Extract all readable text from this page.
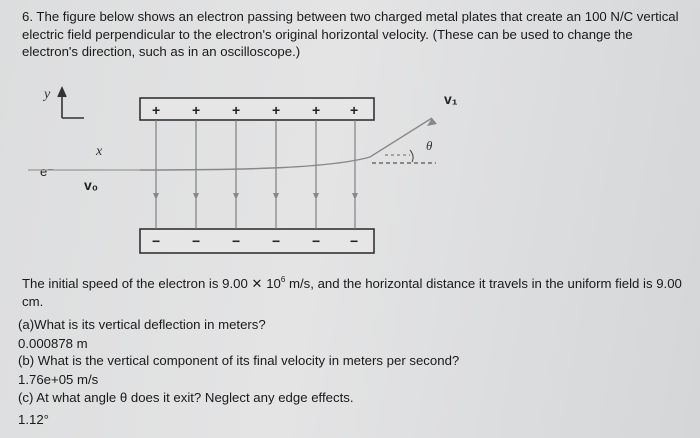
6. The figure below shows an electron passing between two charged metal plates that create an 100 N/C vertical electric field perpendicular to the electron's original horizontal velocity. (These can be used to change the electron's direction, such as in an oscilloscope.)
y
x
e⁻
v₀
+ + + + + +
− − − − − −
θ
v₁
The initial speed of the electron is 9.00 ✕ $10^6$ m/s, and the horizontal distance it travels in the uniform field is 9.00 cm.
(a)What is its vertical deflection in meters?
0.000878 m
(b) What is the vertical component of its final velocity in meters per second?
1.76e+05 m/s
(c) At what angle θ does it exit? Neglect any edge effects.
1.12°
